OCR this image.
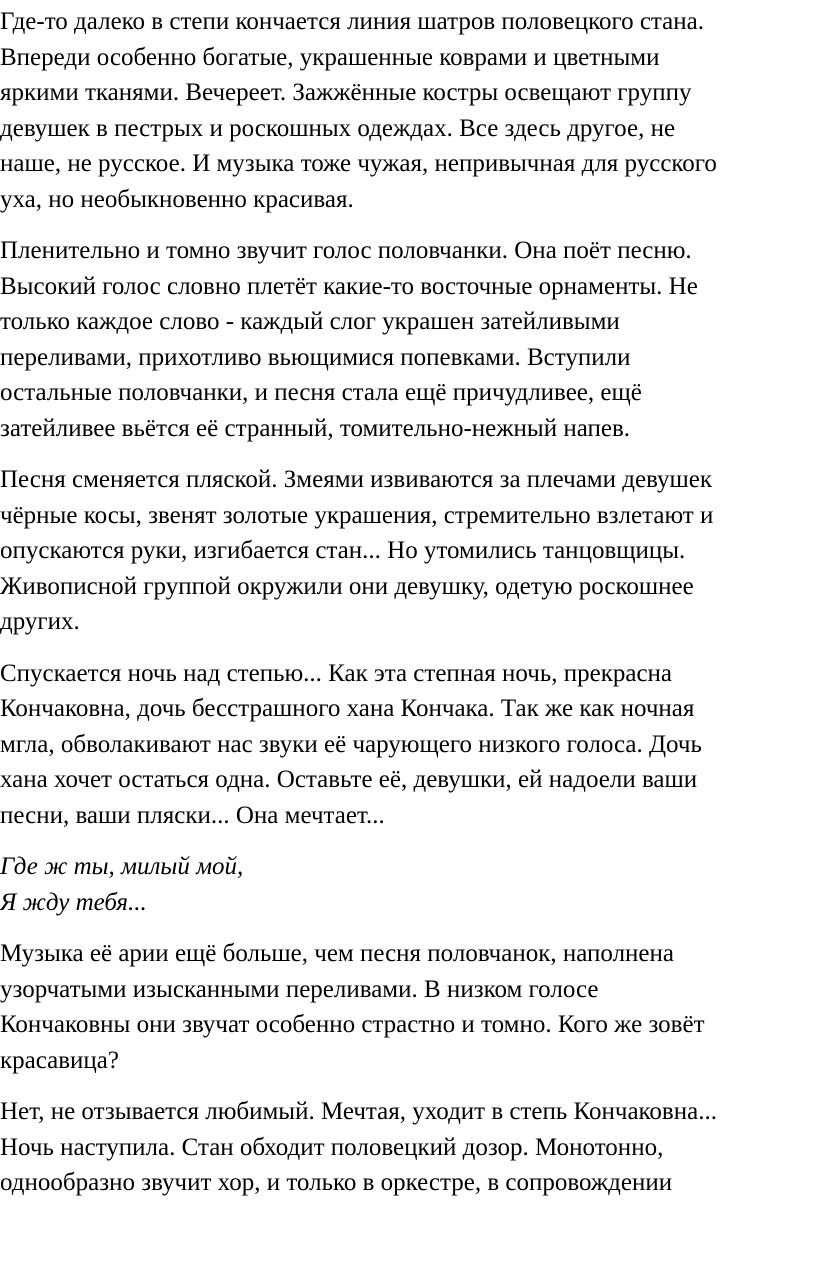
Где-то далеко в степи кончается линия шатров половецкого стана.
Впереди особенно богатые, украшенные коврами и цветными
яркими тканями. Вечереет. Зажжённые костры освещают группу
девушек в пестрых и роскошных одеждах. Все здесь другое, не
наше, не русское. И музыка тоже чужая, непривычная для русского
уха, но необыкновенно красивая.

Пленительно и томно звучит голос половчанки. Она поёт песню.
Высокий голос словно плетёт какие-то восточные орнаменты. Не
только каждое слово - каждый слог украшен затейливыми
переливами, прихотливо вьющимися попевками. Вступили
остальные половчанки, и песня стала ещё причудливее, ещё
затейливее вьётся её странный, томительно-нежный напев.

Песня сменяется пляской. Змеями извиваются за плечами девушек
чёрные косы, звенят золотые украшения, стремительно взлетают и
опускаются руки, изгибается стан... Но утомились танцовщицы.
Живописной группой окружили они девушку, одетую роскошнее
других.

Спускается ночь над степью... Как эта степная ночь, прекрасна
Кончаковна, дочь бесстрашного хана Кончака. Так же как ночная
мгла, обволакивают нас звуки её чарующего низкого голоса. Дочь
хана хочет остаться одна. Оставьте её, девушки, ей надоели ваши
песни, ваши пляски... Она мечтает...

Где ж ты, милый мой,
Я жду тебя...

Музыка её арии ещё больше, чем песня половчанок, наполнена
узорчатыми изысканными переливами. В низком голосе
Кончаковны они звучат особенно страстно и томно. Кого же зовёт
красавица?

Нет, не отзывается любимый. Мечтая, уходит в степь Кончаковна...
Ночь наступила. Стан обходит половецкий дозор. Монотонно,
однообразно звучит хор, и только в оркестре, в сопровождении
